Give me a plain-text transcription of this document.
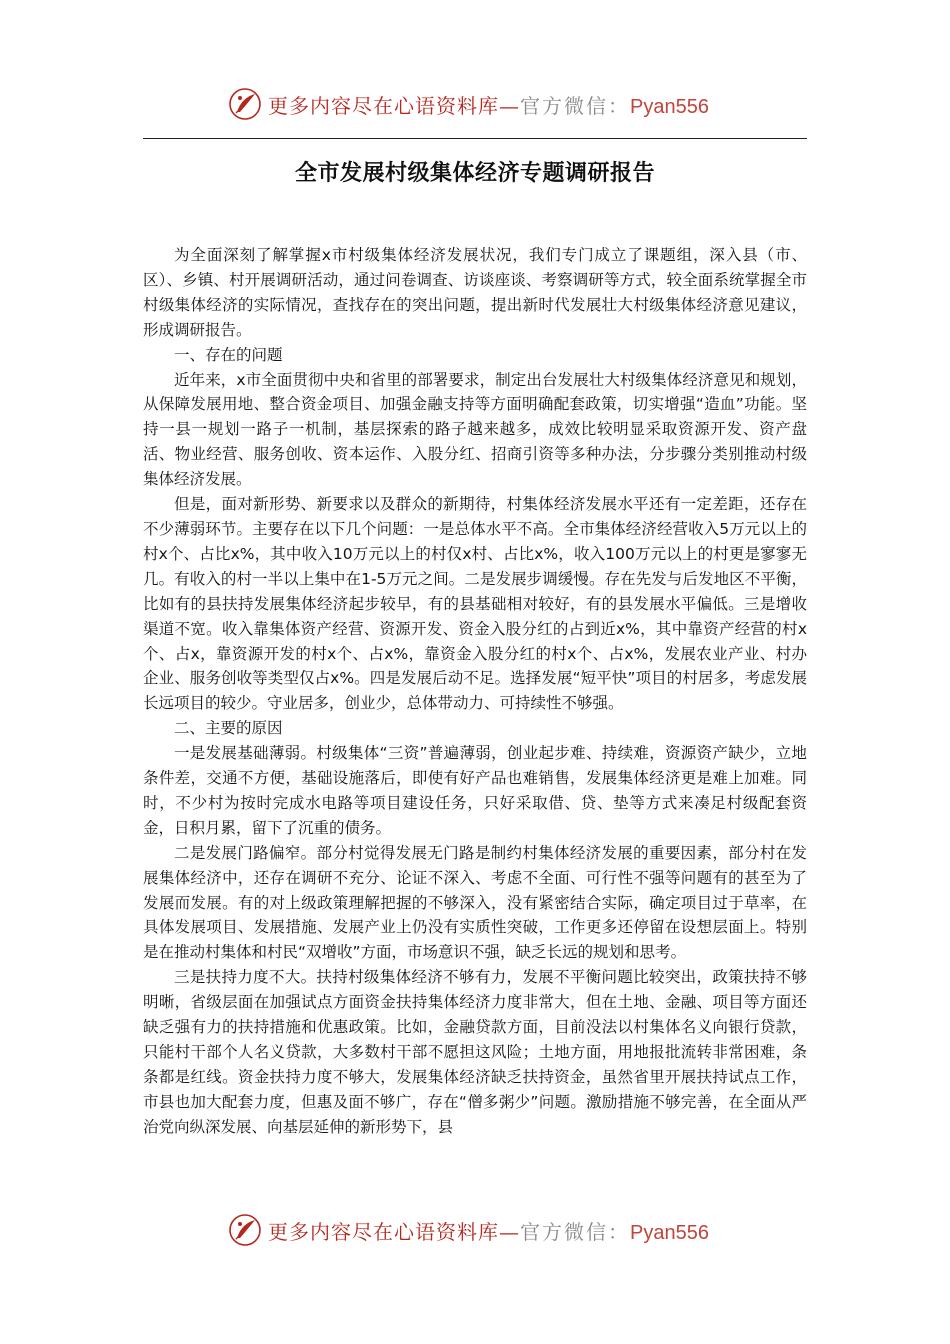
更多内容尽在心语资料库—官方微信：Pyan556
全市发展村级集体经济专题调研报告

为全面深刻了解掌握x市村级集体经济发展状况，我们专门成立了课题组，深入县（市、区）、乡镇、村开展调研活动，通过问卷调查、访谈座谈、考察调研等方式，较全面系统掌握全市村级集体经济的实际情况，查找存在的突出问题，提出新时代发展壮大村级集体经济意见建议，形成调研报告。

一、存在的问题

近年来，x市全面贯彻中央和省里的部署要求，制定出台发展壮大村级集体经济意见和规划，从保障发展用地、整合资金项目、加强金融支持等方面明确配套政策，切实增强“造血”功能。坚持一县一规划一路子一机制，基层探索的路子越来越多，成效比较明显采取资源开发、资产盘活、物业经营、服务创收、资本运作、入股分红、招商引资等多种办法，分步骤分类别推动村级集体经济发展。

但是，面对新形势、新要求以及群众的新期待，村集体经济发展水平还有一定差距，还存在不少薄弱环节。主要存在以下几个问题：一是总体水平不高。全市集体经济经营收入5万元以上的村x个、占比x%，其中收入10万元以上的村仅x村、占比x%，收入100万元以上的村更是寥寥无几。有收入的村一半以上集中在1-5万元之间。二是发展步调缓慢。存在先发与后发地区不平衡，比如有的县扶持发展集体经济起步较早，有的县基础相对较好，有的县发展水平偏低。三是增收渠道不宽。收入靠集体资产经营、资源开发、资金入股分红的占到近x%，其中靠资产经营的村x个、占x，靠资源开发的村x个、占x%，靠资金入股分红的村x个、占x%，发展农业产业、村办企业、服务创收等类型仅占x%。四是发展后动不足。选择发展“短平快”项目的村居多，考虑发展长远项目的较少。守业居多，创业少，总体带动力、可持续性不够强。

二、主要的原因

一是发展基础薄弱。村级集体“三资”普遍薄弱，创业起步难、持续难，资源资产缺少，立地条件差，交通不方便，基础设施落后，即使有好产品也难销售，发展集体经济更是难上加难。同时，不少村为按时完成水电路等项目建设任务，只好采取借、贷、垫等方式来凑足村级配套资金，日积月累，留下了沉重的债务。

二是发展门路偏窄。部分村觉得发展无门路是制约村集体经济发展的重要因素，部分村在发展集体经济中，还存在调研不充分、论证不深入、考虑不全面、可行性不强等问题有的甚至为了发展而发展。有的对上级政策理解把握的不够深入，没有紧密结合实际，确定项目过于草率，在具体发展项目、发展措施、发展产业上仍没有实质性突破，工作更多还停留在设想层面上。特别是在推动村集体和村民“双增收”方面，市场意识不强，缺乏长远的规划和思考。

三是扶持力度不大。扶持村级集体经济不够有力，发展不平衡问题比较突出，政策扶持不够明晰，省级层面在加强试点方面资金扶持集体经济力度非常大，但在土地、金融、项目等方面还缺乏强有力的扶持措施和优惠政策。比如，金融贷款方面，目前没法以村集体名义向银行贷款，只能村干部个人名义贷款，大多数村干部不愿担这风险；土地方面，用地报批流转非常困难，条条都是红线。资金扶持力度不够大，发展集体经济缺乏扶持资金，虽然省里开展扶持试点工作，市县也加大配套力度，但惠及面不够广，存在“僧多粥少”问题。激励措施不够完善，在全面从严治党向纵深发展、向基层延伸的新形势下，县

更多内容尽在心语资料库—官方微信：Pyan556
